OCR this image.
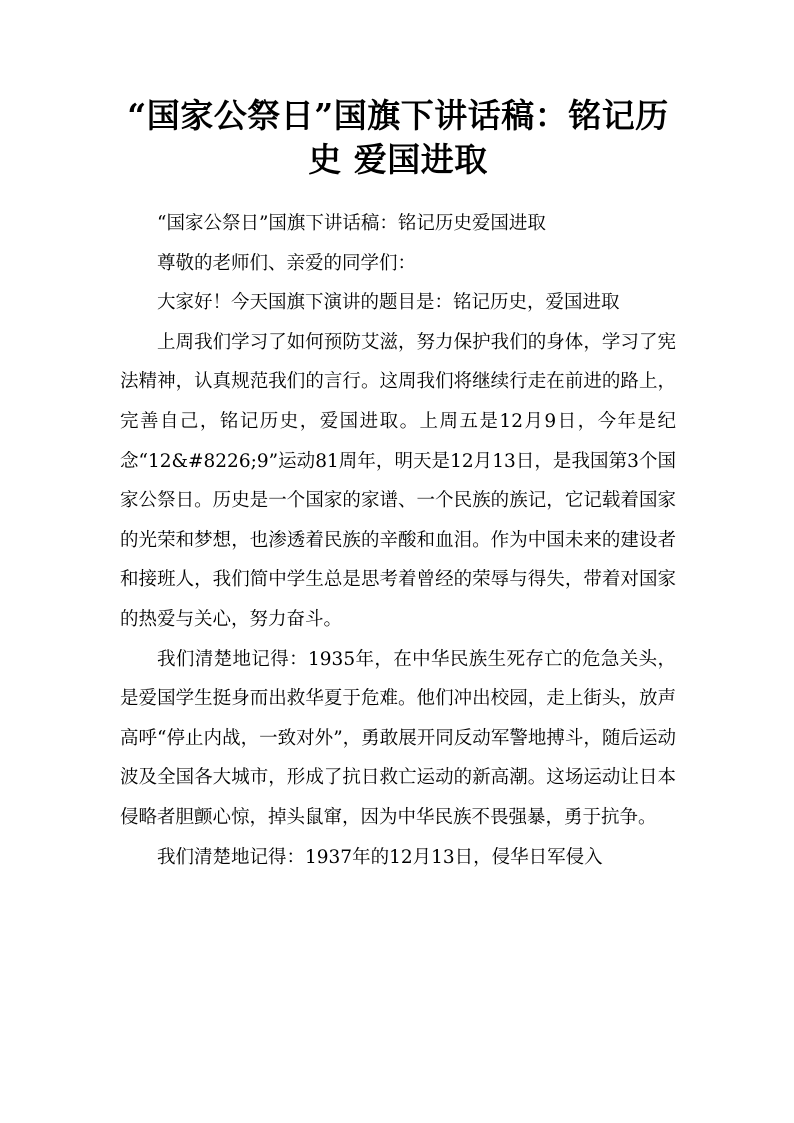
“国家公祭日”国旗下讲话稿：铭记历史 爱国进取

“国家公祭日”国旗下讲话稿：铭记历史爱国进取

尊敬的老师们、亲爱的同学们：

大家好！今天国旗下演讲的题目是：铭记历史，爱国进取

上周我们学习了如何预防艾滋，努力保护我们的身体，学习了宪法精神，认真规范我们的言行。这周我们将继续行走在前进的路上，完善自己，铭记历史，爱国进取。上周五是12月9日，今年是纪念“12&#8226;9”运动81周年，明天是12月13日，是我国第3个国家公祭日。历史是一个国家的家谱、一个民族的族记，它记载着国家的光荣和梦想，也渗透着民族的辛酸和血泪。作为中国未来的建设者和接班人，我们简中学生总是思考着曾经的荣辱与得失，带着对国家的热爱与关心，努力奋斗。

我们清楚地记得：1935年，在中华民族生死存亡的危急关头，是爱国学生挺身而出救华夏于危难。他们冲出校园，走上街头，放声高呼“停止内战，一致对外”，勇敢展开同反动军警地搏斗，随后运动波及全国各大城市，形成了抗日救亡运动的新高潮。这场运动让日本侵略者胆颤心惊，掉头鼠窜，因为中华民族不畏强暴，勇于抗争。

我们清楚地记得：1937年的12月13日，侵华日军侵入
